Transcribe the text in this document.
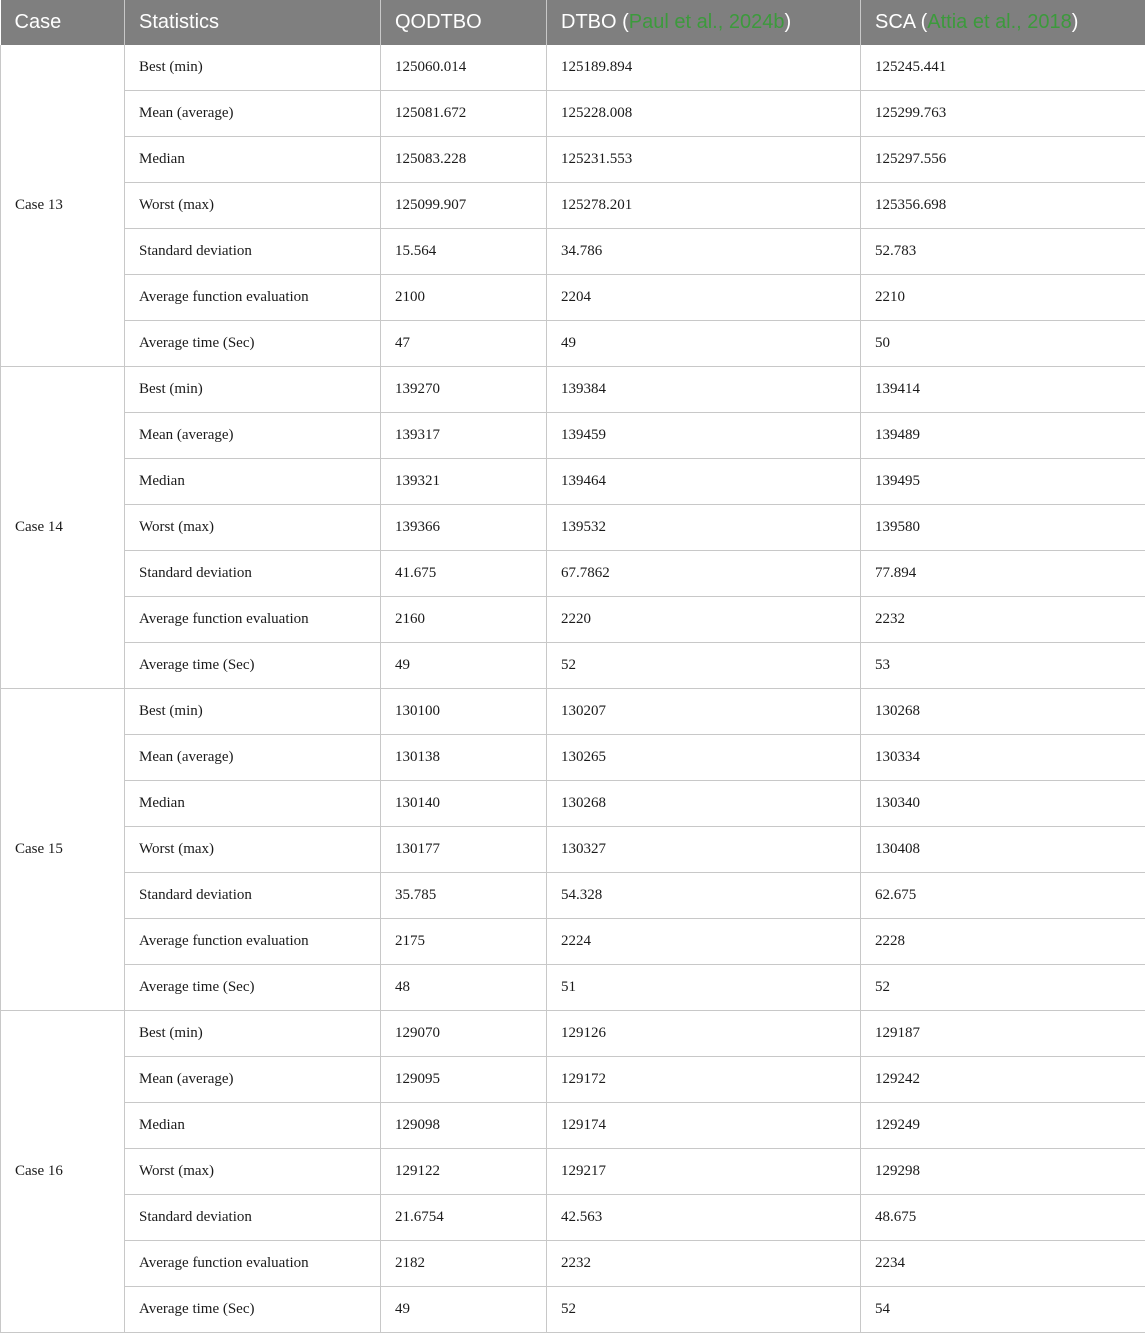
Case	Statistics	QODTBO	DTBO (Paul et al., 2024b)	SCA (Attia et al., 2018)
Case 13	Best (min)	125060.014	125189.894	125245.441
	Mean (average)	125081.672	125228.008	125299.763
	Median	125083.228	125231.553	125297.556
	Worst (max)	125099.907	125278.201	125356.698
	Standard deviation	15.564	34.786	52.783
	Average function evaluation	2100	2204	2210
	Average time (Sec)	47	49	50
Case 14	Best (min)	139270	139384	139414
	Mean (average)	139317	139459	139489
	Median	139321	139464	139495
	Worst (max)	139366	139532	139580
	Standard deviation	41.675	67.7862	77.894
	Average function evaluation	2160	2220	2232
	Average time (Sec)	49	52	53
Case 15	Best (min)	130100	130207	130268
	Mean (average)	130138	130265	130334
	Median	130140	130268	130340
	Worst (max)	130177	130327	130408
	Standard deviation	35.785	54.328	62.675
	Average function evaluation	2175	2224	2228
	Average time (Sec)	48	51	52
Case 16	Best (min)	129070	129126	129187
	Mean (average)	129095	129172	129242
	Median	129098	129174	129249
	Worst (max)	129122	129217	129298
	Standard deviation	21.6754	42.563	48.675
	Average function evaluation	2182	2232	2234
	Average time (Sec)	49	52	54
